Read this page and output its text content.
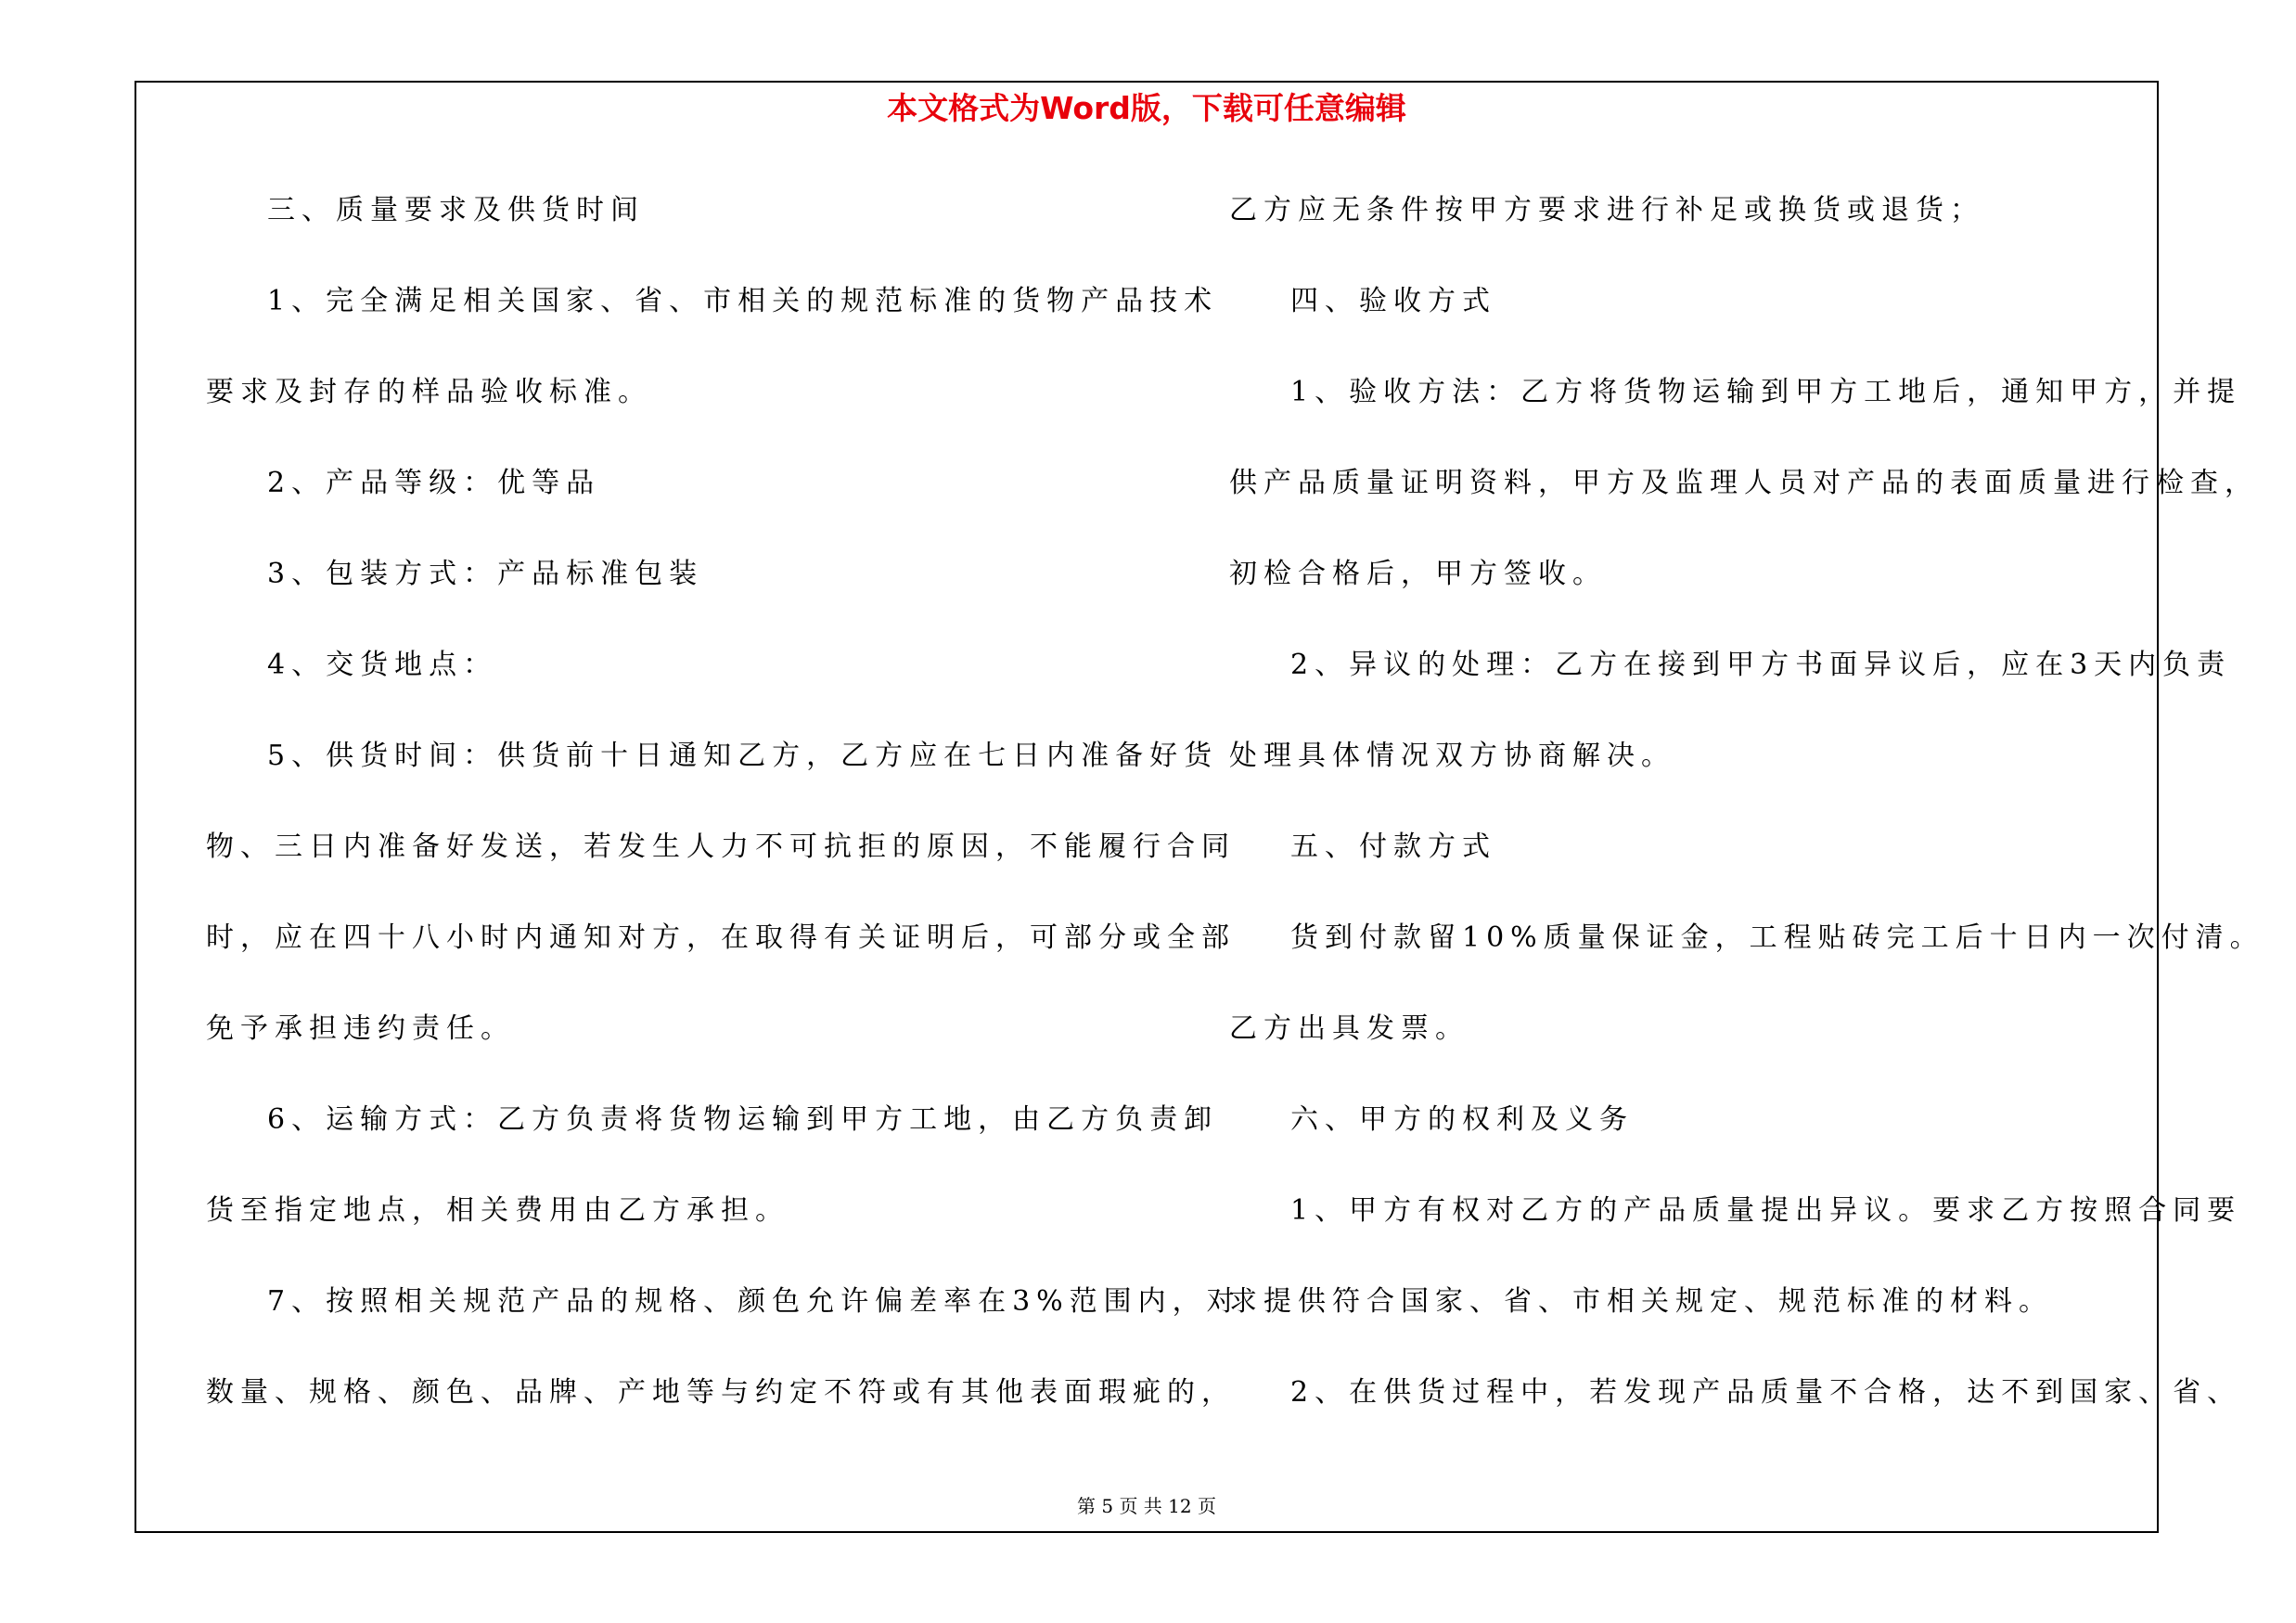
本文格式为Word版，下载可任意编辑
三、质量要求及供货时间
1、完全满足相关国家、省、市相关的规范标准的货物产品技术
要求及封存的样品验收标准。
2、产品等级：优等品
3、包装方式：产品标准包装
4、交货地点：
5、供货时间：供货前十日通知乙方，乙方应在七日内准备好货
物、三日内准备好发送，若发生人力不可抗拒的原因，不能履行合同
时，应在四十八小时内通知对方，在取得有关证明后，可部分或全部
免予承担违约责任。
6、运输方式：乙方负责将货物运输到甲方工地，由乙方负责卸
货至指定地点，相关费用由乙方承担。
7、按照相关规范产品的规格、颜色允许偏差率在3%范围内，对
数量、规格、颜色、品牌、产地等与约定不符或有其他表面瑕疵的，
乙方应无条件按甲方要求进行补足或换货或退货；
四、验收方式
1、验收方法：乙方将货物运输到甲方工地后，通知甲方，并提
供产品质量证明资料，甲方及监理人员对产品的表面质量进行检查，
初检合格后，甲方签收。
2、异议的处理：乙方在接到甲方书面异议后，应在3天内负责
处理具体情况双方协商解决。
五、付款方式
货到付款留10%质量保证金，工程贴砖完工后十日内一次付清。
乙方出具发票。
六、甲方的权利及义务
1、甲方有权对乙方的产品质量提出异议。要求乙方按照合同要
求提供符合国家、省、市相关规定、规范标准的材料。
2、在供货过程中，若发现产品质量不合格，达不到国家、省、
第 5 页 共 12 页
